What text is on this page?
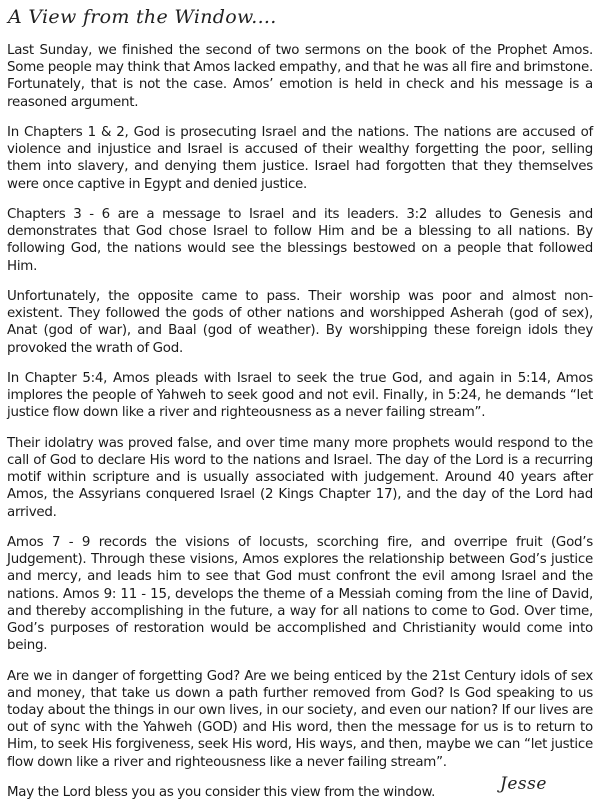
A View from the Window....

Last Sunday, we finished the second of two sermons on the book of the Prophet Amos. Some people may think that Amos lacked empathy, and that he was all fire and brimstone. Fortunately, that is not the case. Amos’ emotion is held in check and his message is a reasoned argument.

In Chapters 1 & 2, God is prosecuting Israel and the nations. The nations are accused of violence and injustice and Israel is accused of their wealthy forgetting the poor, selling them into slavery, and denying them justice. Israel had forgotten that they themselves were once captive in Egypt and denied justice.

Chapters 3 - 6 are a message to Israel and its leaders. 3:2 alludes to Genesis and demonstrates that God chose Israel to follow Him and be a blessing to all nations. By following God, the nations would see the blessings bestowed on a people that followed Him.

Unfortunately, the opposite came to pass. Their worship was poor and almost non-existent. They followed the gods of other nations and worshipped Asherah (god of sex), Anat (god of war), and Baal (god of weather). By worshipping these foreign idols they provoked the wrath of God.

In Chapter 5:4, Amos pleads with Israel to seek the true God, and again in 5:14, Amos implores the people of Yahweh to seek good and not evil. Finally, in 5:24, he demands “let justice flow down like a river and righteousness as a never failing stream”.

Their idolatry was proved false, and over time many more prophets would respond to the call of God to declare His word to the nations and Israel. The day of the Lord is a recurring motif within scripture and is usually associated with judgement. Around 40 years after Amos, the Assyrians conquered Israel (2 Kings Chapter 17), and the day of the Lord had arrived.

Amos 7 - 9 records the visions of locusts, scorching fire, and overripe fruit (God’s Judgement). Through these visions, Amos explores the relationship between God’s justice and mercy, and leads him to see that God must confront the evil among Israel and the nations. Amos 9: 11 - 15, develops the theme of a Messiah coming from the line of David, and thereby accomplishing in the future, a way for all nations to come to God. Over time, God’s purposes of restoration would be accomplished and Christianity would come into being.

Are we in danger of forgetting God? Are we being enticed by the 21st Century idols of sex and money, that take us down a path further removed from God? Is God speaking to us today about the things in our own lives, in our society, and even our nation? If our lives are out of sync with the Yahweh (GOD) and His word, then the message for us is to return to Him, to seek His forgiveness, seek His word, His ways, and then, maybe we can “let justice flow down like a river and righteousness like a never failing stream”.

May the Lord bless you as you consider this view from the window.	Jesse
